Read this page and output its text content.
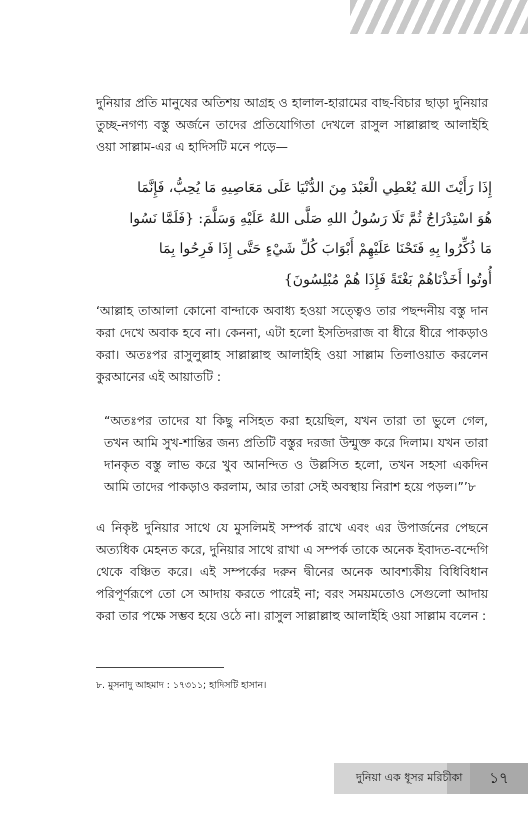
দুনিয়ার প্রতি মানুষের অতিশয় আগ্রহ ও হালাল-হারামের বাছ-বিচার ছাড়া দুনিয়ার তুচ্ছ-নগণ্য বস্তু অর্জনে তাদের প্রতিযোগিতা দেখলে রাসুল সাল্লাল্লাহু আলাইহি ওয়া সাল্লাম-এর এ হাদিসটি মনে পড়ে—

إِذَا رَأَيْتَ اللهَ يُعْطِي الْعَبْدَ مِنَ الدُّنْيَا عَلَى مَعَاصِيهِ مَا يُحِبُّ، فَإِنَّمَا
هُوَ اسْتِدْرَاجٌ ثُمَّ تَلَا رَسُولُ اللهِ صَلَّى اللهُ عَلَيْهِ وَسَلَّمَ: {فَلَمَّا نَسُوا
مَا ذُكِّرُوا بِهِ فَتَحْنَا عَلَيْهِمْ أَبْوَابَ كُلِّ شَيْءٍ حَتَّى إِذَا فَرِحُوا بِمَا
أُوتُوا أَخَذْنَاهُمْ بَغْتَةً فَإِذَا هُمْ مُبْلِسُونَ}

‘আল্লাহ তাআলা কোনো বান্দাকে অবাধ্য হওয়া সত্ত্বেও তার পছন্দনীয় বস্তু দান করা দেখে অবাক হবে না। কেননা, এটা হলো ইসতিদরাজ বা ধীরে ধীরে পাকড়াও করা। অতঃপর রাসুলুল্লাহ সাল্লাল্লাহু আলাইহি ওয়া সাল্লাম তিলাওয়াত করলেন কুরআনের এই আয়াতটি :

“অতঃপর তাদের যা কিছু নসিহত করা হয়েছিল, যখন তারা তা ভুলে গেল, তখন আমি সুখ-শান্তির জন্য প্রতিটি বস্তুর দরজা উন্মুক্ত করে দিলাম। যখন তারা দানকৃত বস্তু লাভ করে খুব আনন্দিত ও উল্লসিত হলো, তখন সহসা একদিন আমি তাদের পাকড়াও করলাম, আর তারা সেই অবস্থায় নিরাশ হয়ে পড়ল।”’৮

এ নিকৃষ্ট দুনিয়ার সাথে যে মুসলিমই সম্পর্ক রাখে এবং এর উপার্জনের পেছনে অত্যধিক মেহনত করে, দুনিয়ার সাথে রাখা এ সম্পর্ক তাকে অনেক ইবাদত-বন্দেগি থেকে বঞ্চিত করে। এই সম্পর্কের দরুন দ্বীনের অনেক আবশ্যকীয় বিধিবিধান পরিপূর্ণরূপে তো সে আদায় করতে পারেই না; বরং সময়মতোও সেগুলো আদায় করা তার পক্ষে সম্ভব হয়ে ওঠে না। রাসুল সাল্লাল্লাহু আলাইহি ওয়া সাল্লাম বলেন :

৮. মুসনাদু আহমাদ : ১৭৩১১; হাদিসটি হাসান।

দুনিয়া এক ধূসর মরিচীকা	১৭
